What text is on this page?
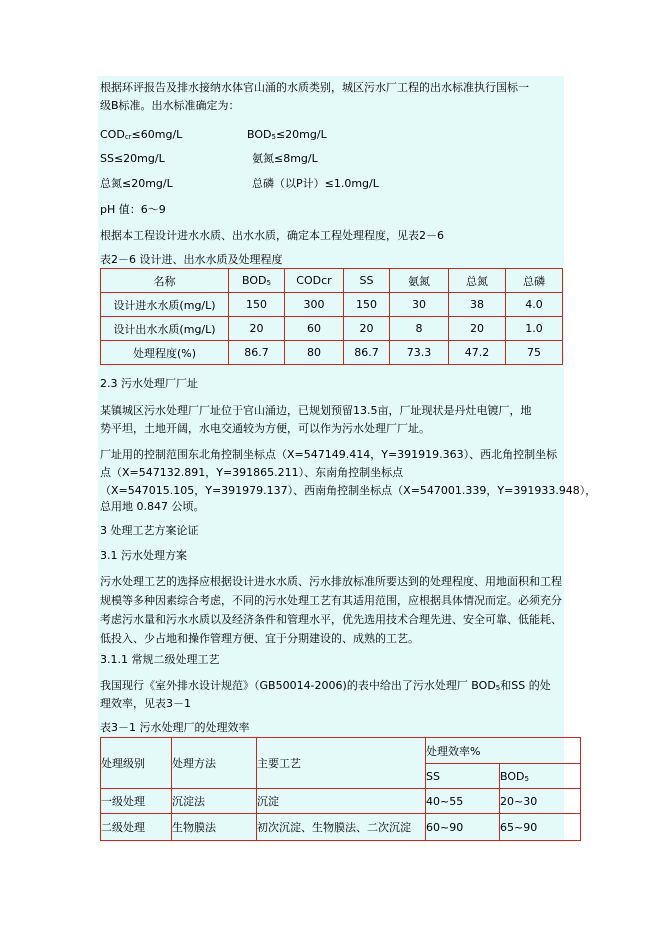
根据环评报告及排水接纳水体官山涌的水质类别，城区污水厂工程的出水标准执行国标一
级B标准。出水标准确定为：
$COD_{cr}\le 60mg/L$	$BOD_5\le 20mg/L$
SS≤20mg/L	氨氮≤8mg/L
总氮≤20mg/L	总磷（以P计）≤1.0mg/L
pH 值：6～9
根据本工程设计进水水质、出水水质，确定本工程处理程度，见表2－6
表2－6 设计进、出水水质及处理程度
名称	$BOD_5$	CODcr	SS	氨氮	总氮	总磷
设计进水水质(mg/L)	150	300	150	30	38	4.0
设计出水水质(mg/L)	20	60	20	8	20	1.0
处理程度(%)	86.7	80	86.7	73.3	47.2	75
2.3 污水处理厂厂址
某镇城区污水处理厂厂址位于官山涌边，已规划预留13.5亩，厂址现状是丹灶电镀厂，地
势平坦，土地开阔，水电交通较为方便，可以作为污水处理厂厂址。
厂址用的控制范围东北角控制坐标点（X=547149.414，Y=391919.363）、西北角控制坐标
点（X=547132.891，Y=391865.211）、东南角控制坐标点
（X=547015.105，Y=391979.137）、西南角控制坐标点（X=547001.339，Y=391933.948），
总用地 0.847 公顷。
3 处理工艺方案论证
3.1 污水处理方案
污水处理工艺的选择应根据设计进水水质、污水排放标准所要达到的处理程度、用地面积和工程规模等多种因素综合考虑，不同的污水处理工艺有其适用范围，应根据具体情况而定。必须充分考虑污水量和污水水质以及经济条件和管理水平，优先选用技术合理先进、安全可靠、低能耗、低投入、少占地和操作管理方便、宜于分期建设的、成熟的工艺。
3.1.1 常规二级处理工艺
我国现行《室外排水设计规范》（GB50014-2006)的表中给出了污水处理厂 $BOD_5$和SS 的处
理效率，见表3－1
表3－1 污水处理厂的处理效率
处理级别	处理方法	主要工艺	处理效率%	
			SS	$BOD_5$
一级处理	沉淀法	沉淀	40~55	20~30
二级处理	生物膜法	初次沉淀、生物膜法、二次沉淀	60~90	65~90
